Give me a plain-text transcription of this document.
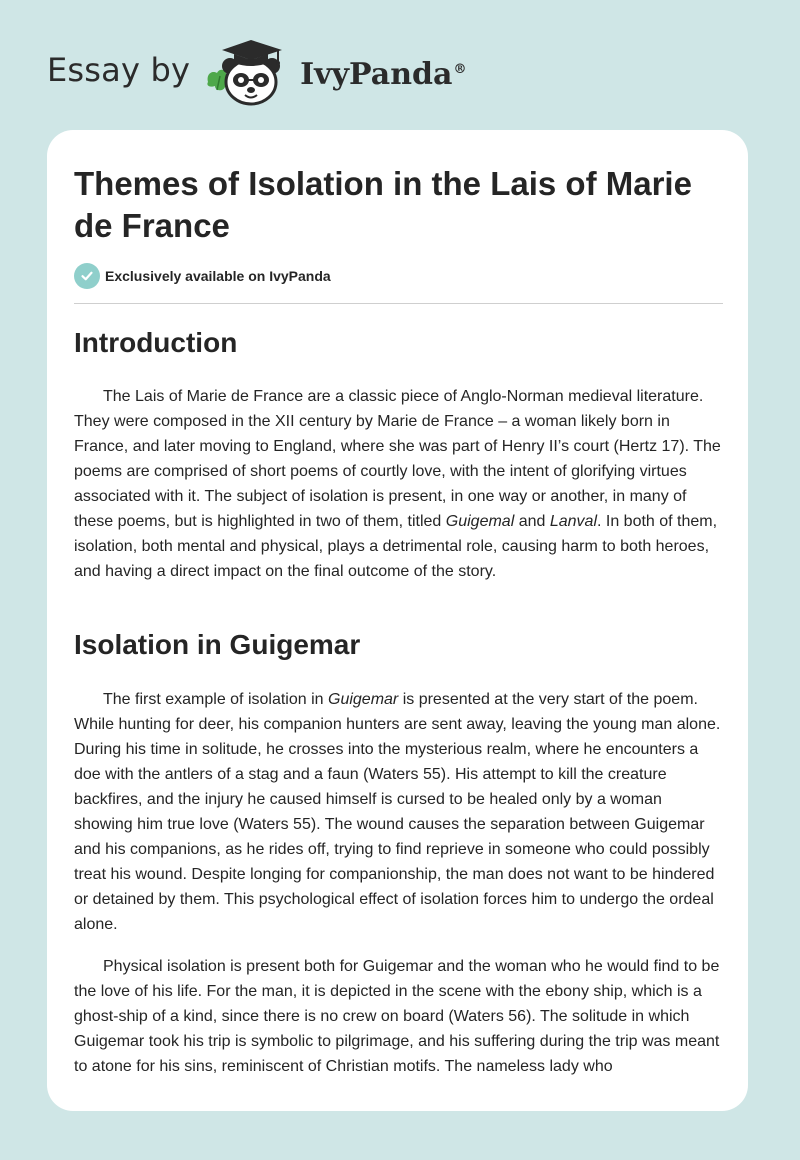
Essay by	IvyPanda®
Themes of Isolation in the Lais of Marie de France
Exclusively available on IvyPanda
Introduction

The Lais of Marie de France are a classic piece of Anglo-Norman medieval literature. They were composed in the XII century by Marie de France – a woman likely born in France, and later moving to England, where she was part of Henry II’s court (Hertz 17). The poems are comprised of short poems of courtly love, with the intent of glorifying virtues associated with it. The subject of isolation is present, in one way or another, in many of these poems, but is highlighted in two of them, titled Guigemal and Lanval. In both of them, isolation, both mental and physical, plays a detrimental role, causing harm to both heroes, and having a direct impact on the final outcome of the story.

Isolation in Guigemar

The first example of isolation in Guigemar is presented at the very start of the poem. While hunting for deer, his companion hunters are sent away, leaving the young man alone. During his time in solitude, he crosses into the mysterious realm, where he encounters a doe with the antlers of a stag and a faun (Waters 55). His attempt to kill the creature backfires, and the injury he caused himself is cursed to be healed only by a woman showing him true love (Waters 55). The wound causes the separation between Guigemar and his companions, as he rides off, trying to find reprieve in someone who could possibly treat his wound. Despite longing for companionship, the man does not want to be hindered or detained by them. This psychological effect of isolation forces him to undergo the ordeal alone.

Physical isolation is present both for Guigemar and the woman who he would find to be the love of his life. For the man, it is depicted in the scene with the ebony ship, which is a ghost-ship of a kind, since there is no crew on board (Waters 56). The solitude in which Guigemar took his trip is symbolic to pilgrimage, and his suffering during the trip was meant to atone for his sins, reminiscent of Christian motifs. The nameless lady who
